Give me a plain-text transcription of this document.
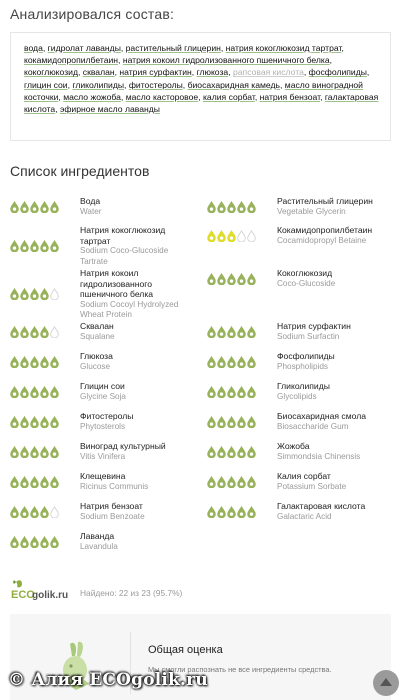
Анализировался состав:
вода, гидролат лаванды, растительный глицерин, натрия кокоглюкозид тартрат, кокамидопропилбетаин, натрия кокоил гидролизованного пшеничного белка, кокоглюкозид, сквалан, натрия сурфактин, глюкоза, рапсовая кислота, фосфолипиды, глицин сои, гликолипиды, фитостеролы, биосахаридная камедь, масло виноградной косточки, масло жожоба, масло касторовое, калия сорбат, натрия бензоат, галактаровая кислота, эфирное масло лаванды
Список ингредиентов
Вода
Water
Растительный глицерин
Vegetable Glycerin
Натрия кокоглюкозид
тартрат
Sodium Coco-Glucoside
Tartrate
Кокамидопропилбетаин
Cocamidopropyl Betaine
Натрия кокоил
гидролизованного
пшеничного белка
Sodium Cocoyl Hydrolyzed
Wheat Protein
Кокоглюкозид
Coco-Glucoside
Сквалан
Squalane
Натрия сурфактин
Sodium Surfactin
Глюкоза
Glucose
Фосфолипиды
Phospholipids
Глицин сои
Glycine Soja
Гликолипиды
Glycolipids
Фитостеролы
Phytosterols
Биосахаридная смола
Biosaccharide Gum
Виноград культурный
Vitis Vinifera
Жожоба
Simmondsia Chinensis
Клещевина
Ricinus Communis
Калия сорбат
Potassium Sorbate
Натрия бензоат
Sodium Benzoate
Галактаровая кислота
Galactaric Acid
Лаванда
Lavandula
ECO
golik.ru Найдено: 22 из 23 (95.7%)
Общая оценка
Мы смогли распознать не все ингредиенты средства.
© Алия ECOgolik.ru
